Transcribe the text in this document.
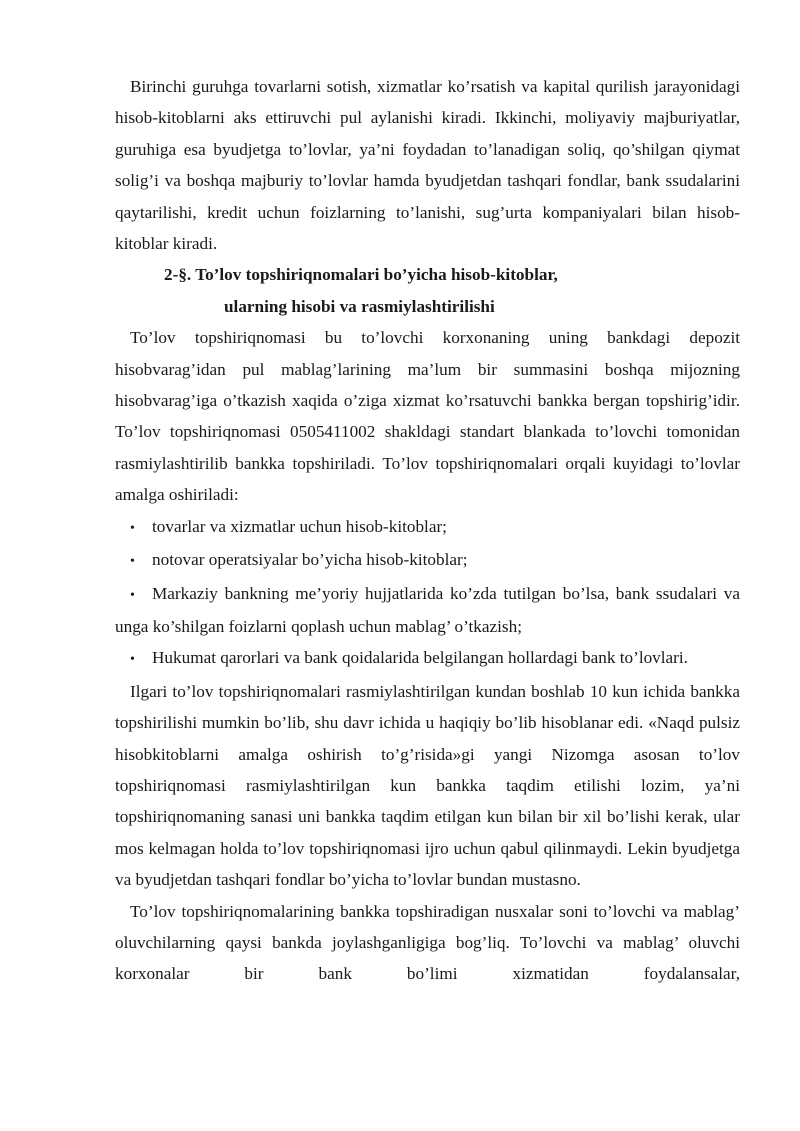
Birinchi guruhga tovarlarni sotish, xizmatlar ko’rsatish va kapital qurilish jarayonidagi hisob-kitoblarni aks ettiruvchi pul aylanishi kiradi. Ikkinchi, moliyaviy majburiyatlar, guruhiga esa byudjetga to’lovlar, ya’ni foydadan to’lanadigan soliq, qo’shilgan qiymat solig’i va boshqa majburiy to’lovlar hamda byudjetdan tashqari fondlar, bank ssudalarini qaytarilishi, kredit uchun foizlarning to’lanishi, sug’urta kompaniyalari bilan hisob-kitoblar kiradi.

2-§. To’lov topshiriqnomalari bo’yicha hisob-kitoblar,

ularning hisobi va rasmiylashtirilishi

To’lov topshiriqnomasi bu to’lovchi korxonaning uning bankdagi depozit hisobvarag’idan pul mablag’larining ma’lum bir summasini boshqa mijozning hisobvarag’iga o’tkazish xaqida o’ziga xizmat ko’rsatuvchi bankka bergan topshirig’idir. To’lov topshiriqnomasi 0505411002 shakldagi standart blankada to’lovchi tomonidan rasmiylashtirilib bankka topshiriladi. To’lov topshiriqnomalari orqali kuyidagi to’lovlar amalga oshiriladi:

• tovarlar va xizmatlar uchun hisob-kitoblar;
• notovar operatsiyalar bo’yicha hisob-kitoblar;
• Markaziy bankning me’yoriy hujjatlarida ko’zda tutilgan bo’lsa, bank ssudalari va unga ko’shilgan foizlarni qoplash uchun mablag’ o’tkazish;
• Hukumat qarorlari va bank qoidalarida belgilangan hollardagi bank to’lovlari.

Ilgari to’lov topshiriqnomalari rasmiylashtirilgan kundan boshlab 10 kun ichida bankka topshirilishi mumkin bo’lib, shu davr ichida u haqiqiy bo’lib hisoblanar edi. «Naqd pulsiz hisobkitoblarni amalga oshirish to’g’risida»gi yangi Nizomga asosan to’lov topshiriqnomasi rasmiylashtirilgan kun bankka taqdim etilishi lozim, ya’ni topshiriqnomaning sanasi uni bankka taqdim etilgan kun bilan bir xil bo’lishi kerak, ular mos kelmagan holda to’lov topshiriqnomasi ijro uchun qabul qilinmaydi. Lekin byudjetga va byudjetdan tashqari fondlar bo’yicha to’lovlar bundan mustasno.

To’lov topshiriqnomalarining bankka topshiradigan nusxalar soni to’lovchi va mablag’ oluvchilarning qaysi bankda joylashganligiga bog’liq. To’lovchi va mablag’ oluvchi korxonalar bir bank bo’limi xizmatidan foydalansalar,
